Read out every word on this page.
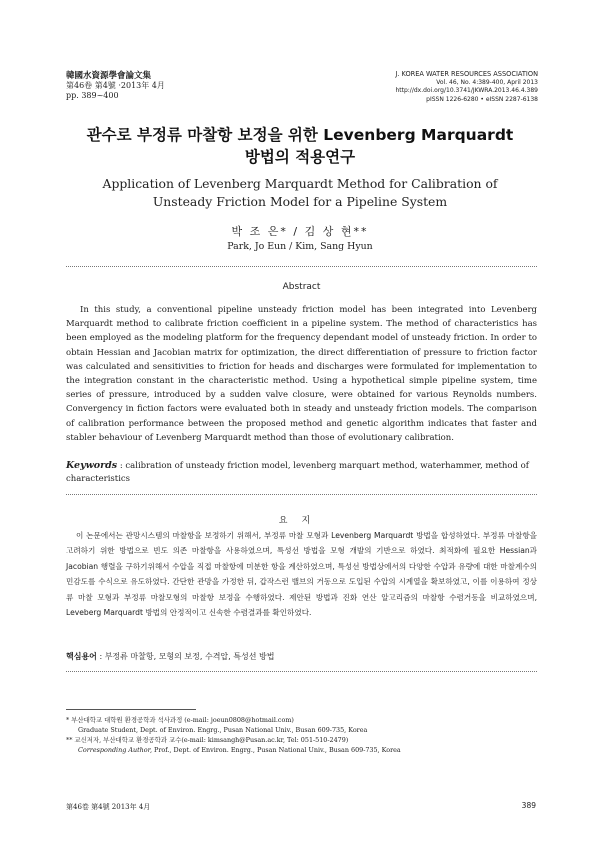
韓國水資源學會論文集
第46卷 第4號 ·2013年 4月
pp. 389~400
J. KOREA WATER RESOURCES ASSOCIATION
Vol. 46, No. 4:389-400, April 2013
http://dx.doi.org/10.3741/JKWRA.2013.46.4.389
pISSN 1226-6280 • eISSN 2287-6138
관수로 부정류 마찰항 보정을 위한 Levenberg Marquardt
방법의 적용연구
Application of Levenberg Marquardt Method for Calibration of
Unsteady Friction Model for a Pipeline System
박 조 은* / 김 상 현**
Park, Jo Eun / Kim, Sang Hyun
Abstract

In this study, a conventional pipeline unsteady friction model has been integrated into Levenberg Marquardt method to calibrate friction coefficient in a pipeline system. The method of characteristics has been employed as the modeling platform for the frequency dependant model of unsteady friction. In order to obtain Hessian and Jacobian matrix for optimization, the direct differentiation of pressure to friction factor was calculated and sensitivities to friction for heads and discharges were formulated for implementation to the integration constant in the characteristic method. Using a hypothetical simple pipeline system, time series of pressure, introduced by a sudden valve closure, were obtained for various Reynolds numbers. Convergency in fiction factors were evaluated both in steady and unsteady friction models. The comparison of calibration performance between the proposed method and genetic algorithm indicates that faster and stabler behaviour of Levenberg Marquardt method than those of evolutionary calibration.

Keywords : calibration of unsteady friction model, levenberg marquart method, waterhammer, method of characteristics

요지

이 논문에서는 관망시스템의 마찰항을 보정하기 위해서, 부정류 마찰 모형과 Levenberg Marquardt 방법을 합성하였다. 부정류 마찰항을 고려하기 위한 방법으로 빈도 의존 마찰항을 사용하였으며, 특성선 방법을 모형 개발의 기반으로 하였다. 최적화에 필요한 Hessian과 Jacobian 행렬을 구하기위해서 수압을 직접 마찰항에 미분한 항을 계산하였으며, 특성선 방법상에서의 다양한 수압과 유량에 대한 마찰계수의 민감도를 수식으로 유도하였다. 간단한 관망을 가정한 뒤, 갑작스런 밸브의 거동으로 도입된 수압의 시계열을 확보하였고, 이를 이용하여 정상류 마찰 모형과 부정류 마찰모형의 마찰항 보정을 수행하였다. 제안된 방법과 진화 연산 알고리즘의 마찰항 수렴거동을 비교하였으며, Leveberg Marquardt 방법의 안정적이고 신속한 수렴결과를 확인하였다.

핵심용어 : 부정류 마찰항, 모형의 보정, 수격압, 특성선 방법
* 부산대학교 대학원 환경공학과 석사과정 (e-mail: joeun0808@hotmail.com)
Graduate Student, Dept. of Environ. Engrg., Pusan National Univ., Busan 609-735, Korea
** 교신저자, 부산대학교 환경공학과 교수(e-mail: kimsangh@Pusan.ac.kr, Tel: 051-510-2479)
Corresponding Author, Prof., Dept. of Environ. Engrg., Pusan National Univ., Busan 609-735, Korea
第46卷 第4號 2013年 4月	389
